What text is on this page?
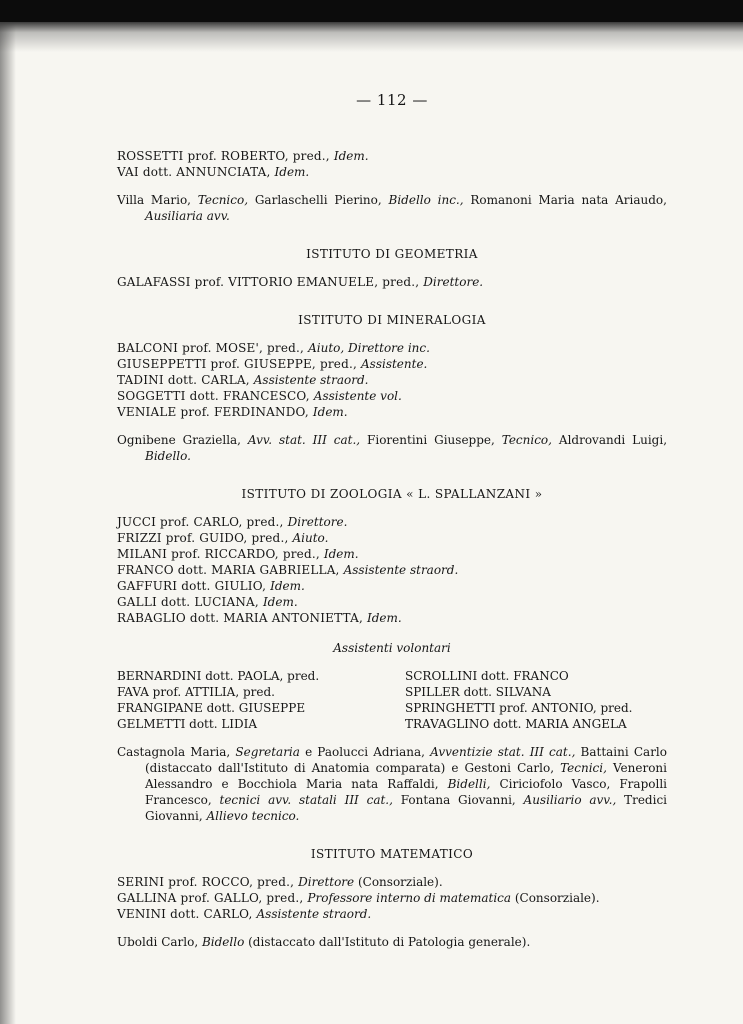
— 112 —
ROSSETTI prof. ROBERTO, pred., Idem.
VAI dott. ANNUNCIATA, Idem.
Villa Mario, Tecnico, Garlaschelli Pierino, Bidello inc., Romanoni Maria nata Ariaudo, Ausiliaria avv.
ISTITUTO DI GEOMETRIA
GALAFASSI prof. VITTORIO EMANUELE, pred., Direttore.
ISTITUTO DI MINERALOGIA
BALCONI prof. MOSE', pred., Aiuto, Direttore inc.
GIUSEPPETTI prof. GIUSEPPE, pred., Assistente.
TADINI dott. CARLA, Assistente straord.
SOGGETTI dott. FRANCESCO, Assistente vol.
VENIALE prof. FERDINANDO, Idem.
Ognibene Graziella, Avv. stat. III cat., Fiorentini Giuseppe, Tecnico, Aldrovandi Luigi, Bidello.
ISTITUTO DI ZOOLOGIA « L. SPALLANZANI »
JUCCI prof. CARLO, pred., Direttore.
FRIZZI prof. GUIDO, pred., Aiuto.
MILANI prof. RICCARDO, pred., Idem.
FRANCO dott. MARIA GABRIELLA, Assistente straord.
GAFFURI dott. GIULIO, Idem.
GALLI dott. LUCIANA, Idem.
RABAGLIO dott. MARIA ANTONIETTA, Idem.
Assistenti volontari
BERNARDINI dott. PAOLA, pred.
FAVA prof. ATTILIA, pred.
FRANGIPANE dott. GIUSEPPE
GELMETTI dott. LIDIA
SCROLLINI dott. FRANCO
SPILLER dott. SILVANA
SPRINGHETTI prof. ANTONIO, pred.
TRAVAGLINO dott. MARIA ANGELA
Castagnola Maria, Segretaria e Paolucci Adriana, Avventizie stat. III cat., Battaini Carlo (distaccato dall'Istituto di Anatomia comparata) e Gestoni Carlo, Tecnici, Veneroni Alessandro e Bocchiola Maria nata Raffaldi, Bidelli, Ciriciofolo Vasco, Frapolli Francesco, tecnici avv. statali III cat., Fontana Giovanni, Ausiliario avv., Tredici Giovanni, Allievo tecnico.
ISTITUTO MATEMATICO
SERINI prof. ROCCO, pred., Direttore (Consorziale).
GALLINA prof. GALLO, pred., Professore interno di matematica (Consorziale).
VENINI dott. CARLO, Assistente straord.
Uboldi Carlo, Bidello (distaccato dall'Istituto di Patologia generale).
